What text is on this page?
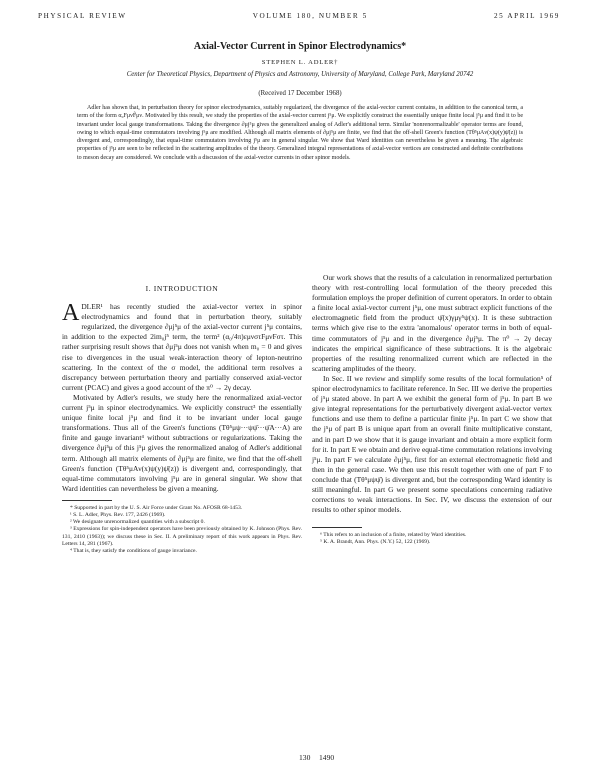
PHYSICAL REVIEW	VOLUME 180, NUMBER 5	25 APRIL 1969
Axial-Vector Current in Spinor Electrodynamics*
STEPHEN L. ADLER†
Center for Theoretical Physics, Department of Physics and Astronomy, University of Maryland, College Park, Maryland 20742
(Received 17 December 1968)

Adler has shown that, in perturbation theory for spinor electrodynamics, suitably regularized, the divergence of the axial-vector current contains, in addition to the canonical term, a term of the form α₀FμνF̃μν. Motivated by this result, we study the properties of the axial-vector current j⁵μ. We explicitly construct the essentially unique finite local j⁵μ and find it to be invariant under local gauge transformations. Taking the divergence ∂μj⁵μ gives the generalized analog of Adler's additional term. Similar 'nonrenormalizable' operator terms are found, owing to which equal-time commutators involving j⁵μ are modified. Although all matrix elements of ∂μj⁵μ are finite, we find that the off-shell Green's function (Tθ⁵μAν(x)ψ(y)ψ̄(z)) is divergent and, correspondingly, that equal-time commutators involving j⁵μ are in general singular. We show that Ward identities can nevertheless be given a meaning. The algebraic properties of j⁵μ are seen to be reflected in the scattering amplitudes of the theory. Generalized integral representations of axial-vector vertices are constructed and definite contributions to meson decay are considered. We conclude with a discussion of the axial-vector currents in other spinor models.

I. INTRODUCTION

ADLER¹ has recently studied the axial-vector vertex in spinor electrodynamics and found that in perturbation theory, suitably regularized, the divergence ∂μj⁵μ of the axial-vector current j⁵μ contains, in addition to the expected 2im₀j⁵ term, the term² (α₀/4π)εμνστFμνFστ. This rather surprising result shows that ∂μj⁵μ does not vanish when m₀ = 0 and gives rise to divergences in the usual weak-interaction theory of lepton-neutrino scattering. In the context of the σ model, the additional term resolves a discrepancy between perturbation theory and partially conserved axial-vector current (PCAC) and gives a good account of the π⁰ → 2γ decay.

Motivated by Adler's results, we study here the renormalized axial-vector current j⁵μ in spinor electrodynamics. We explicitly construct³ the essentially unique finite local j⁵μ and find it to be invariant under local gauge transformations. Thus all of the Green's functions (Tθ⁵μψ···ψψ̄···ψ̄A···A) are finite and gauge invariant⁴ without subtractions or regularizations. Taking the divergence ∂μj⁵μ of this j⁵μ gives the renormalized analog of Adler's additional term. Although all matrix elements of ∂μj⁵μ are finite, we find that the off-shell Green's function (Tθ⁵μAν(x)ψ(y)ψ̄(z)) is divergent and, correspondingly, that equal-time commutators involving j⁵μ are in general singular. We show that Ward identities can nevertheless be given a meaning.

* Supported in part by the U. S. Air Force under Grant No. AFOSR 68-1453.

¹ S. L. Adler, Phys. Rev. 177, 2426 (1969).

² We designate unrenormalized quantities with a subscript 0.

³ Expressions for spin-independent operators have been previously obtained by K. Johnson (Phys. Rev. 131, 2410 (1963)); we discuss these in Sec. II. A preliminary report of this work appears in Phys. Rev. Letters 14, 281 (1967).

⁴ That is, they satisfy the conditions of gauge invariance.

Our work shows that the results of a calculation in renormalized perturbation theory with rest-controlling local formulation of the theory preceded this formulation employs the proper definition of current operators. In order to obtain a finite local axial-vector current j⁵μ, one must subtract explicit functions of the electromagnetic field from the product ψ̄(x)γμγ⁵ψ(x). It is these subtraction terms which give rise to the extra 'anomalous' operator terms in both of equal-time commutators of j⁵μ and in the divergence ∂μj⁵μ. The π⁰ → 2γ decay indicates the empirical significance of these subtractions. It is the algebraic properties of the resulting renormalized current which are reflected in the scattering amplitudes of the theory.

In Sec. II we review and simplify some results of the local formulation⁵ of spinor electrodynamics to facilitate reference. In Sec. III we derive the properties of j⁵μ stated above. In part A we exhibit the general form of j⁵μ. In part B we give integral representations for the perturbatively divergent axial-vector vertex functions and use them to define a particular finite j⁵μ. In part C we show that the j⁵μ of part B is unique apart from an overall finite multiplicative constant, and in part D we show that it is gauge invariant and obtain a more explicit form for it. In part E we obtain and derive equal-time commutation relations involving j⁵μ. In part F we calculate ∂μj⁵μ, first for an external electromagnetic field and then in the general case. We then use this result together with one of part F to conclude that (Tθ⁵μψψ̄) is divergent and, but the corresponding Ward identity is still meaningful. In part G we present some speculations concerning radiative corrections to weak interactions. In Sec. IV, we discuss the extension of our results to other spinor models.

⁶ This refers to an inclusion of a finite, related by Ward identities.

⁵ K. A. Brandt, Ann. Phys. (N.Y.) 52, 122 (1969).

130 1490
